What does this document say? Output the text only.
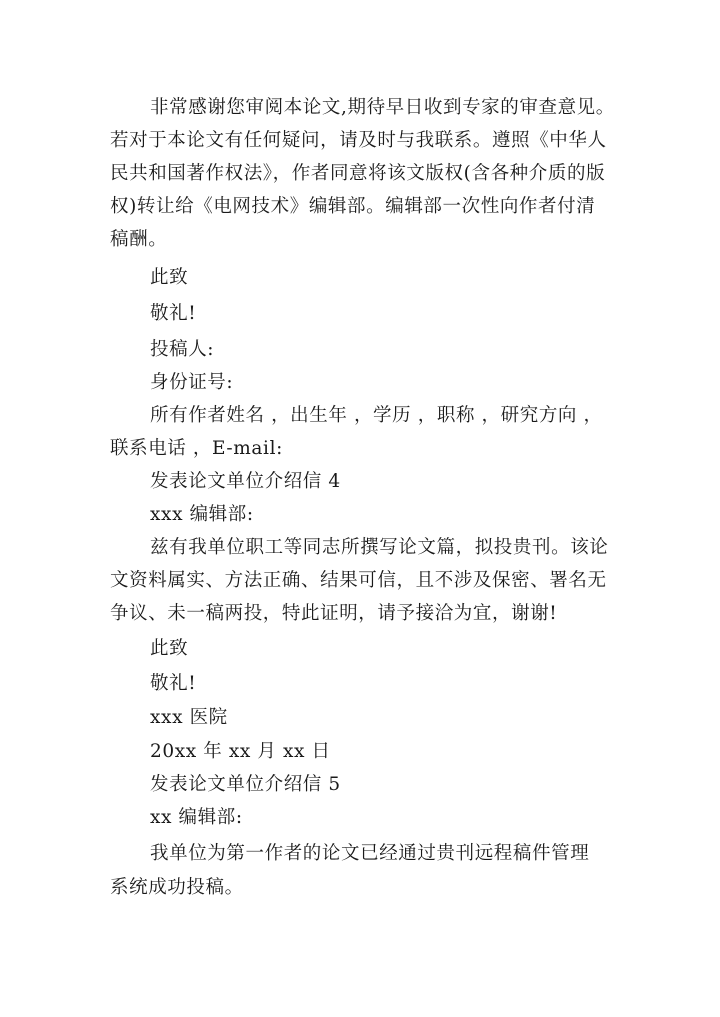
非常感谢您审阅本论文,期待早日收到专家的审查意见。
若对于本论文有任何疑问，请及时与我联系。遵照《中华人
民共和国著作权法》，作者同意将该文版权(含各种介质的版
权)转让给《电网技术》编辑部。编辑部一次性向作者付清
稿酬。
此致
敬礼!
投稿人:
身份证号:
所有作者姓名 ，出生年 ，学历 ，职称 ，研究方向 ，
联系电话 ，E-mail:
发表论文单位介绍信 4
xxx 编辑部:
兹有我单位职工等同志所撰写论文篇，拟投贵刊。该论
文资料属实、方法正确、结果可信，且不涉及保密、署名无
争议、未一稿两投，特此证明，请予接洽为宜，谢谢!
此致
敬礼!
xxx 医院
20xx 年 xx 月 xx 日
发表论文单位介绍信 5
xx 编辑部:
我单位为第一作者的论文已经通过贵刊远程稿件管理
系统成功投稿。
